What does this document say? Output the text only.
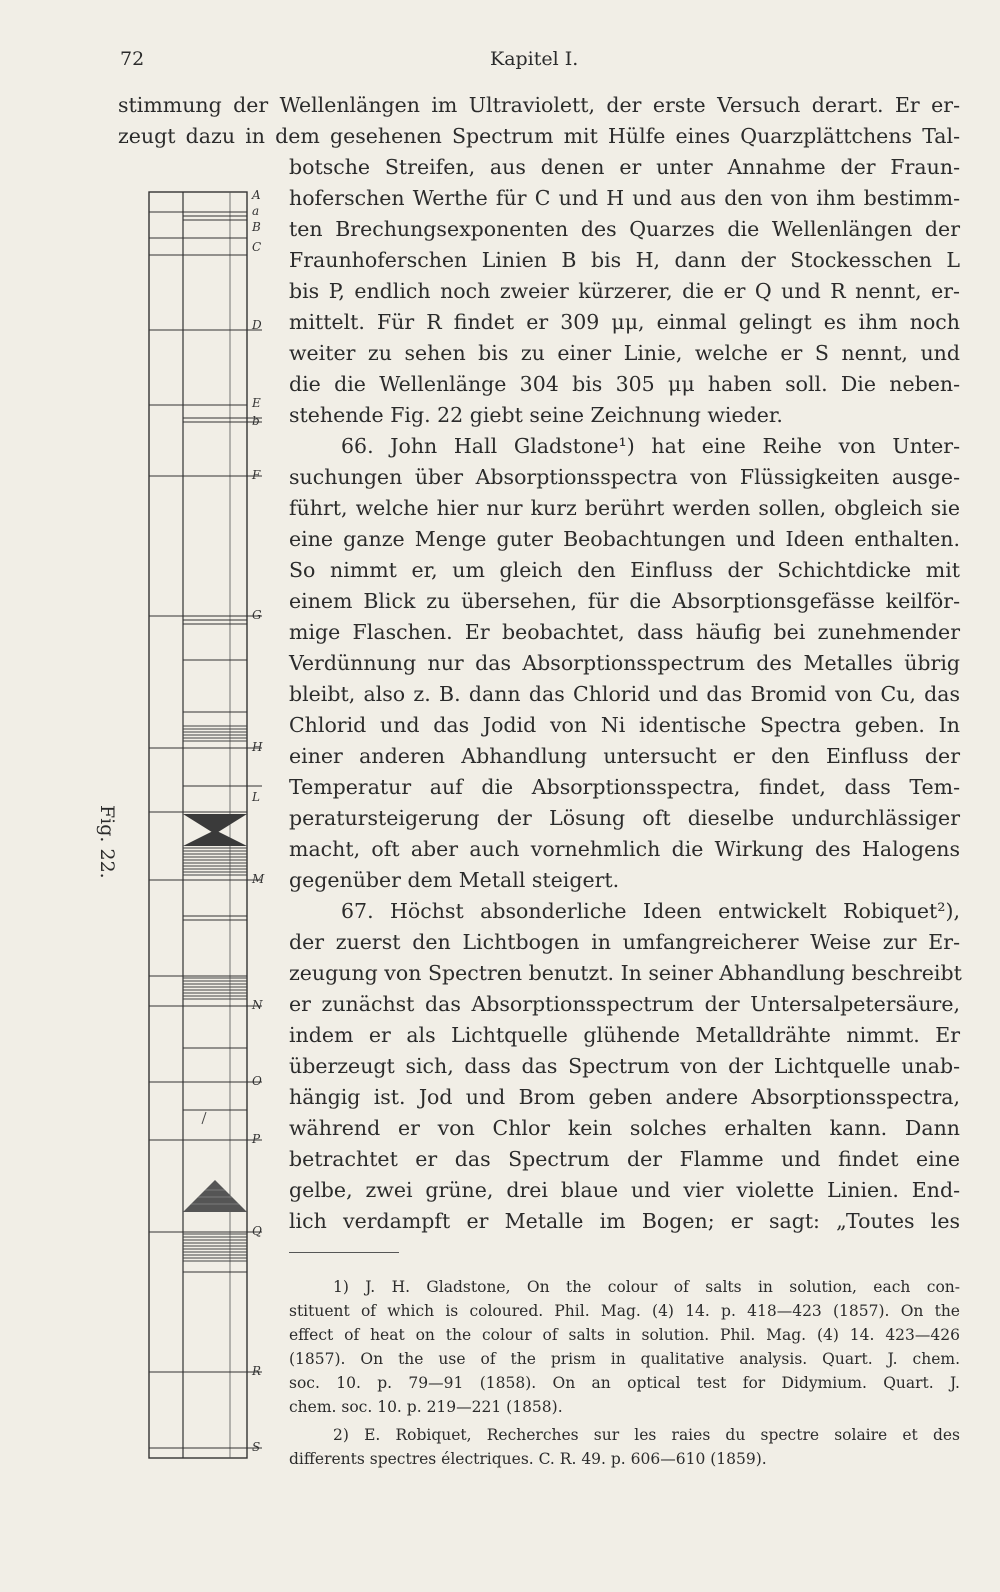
72	Kapitel I.
A
a
B
C
D
E
b
F
G
H
L
M
N
O
P
Q
R
S
Fig. 22.
stimmung der Wellenlängen im Ultraviolett, der erste Versuch derart. Er er-
zeugt dazu in dem gesehenen Spectrum mit Hülfe eines Quarzplättchens Tal-
botsche Streifen, aus denen er unter Annahme der Fraun-
hoferschen Werthe für C und H und aus den von ihm bestimm-
ten Brechungsexponenten des Quarzes die Wellenlängen der
Fraunhoferschen Linien B bis H, dann der Stockesschen L
bis P, endlich noch zweier kürzerer, die er Q und R nennt, er-
mittelt. Für R findet er 309 μμ, einmal gelingt es ihm noch
weiter zu sehen bis zu einer Linie, welche er S nennt, und
die die Wellenlänge 304 bis 305 μμ haben soll. Die neben-
stehende Fig. 22 giebt seine Zeichnung wieder.
66. John Hall Gladstone¹) hat eine Reihe von Unter-
suchungen über Absorptionsspectra von Flüssigkeiten ausge-
führt, welche hier nur kurz berührt werden sollen, obgleich sie
eine ganze Menge guter Beobachtungen und Ideen enthalten.
So nimmt er, um gleich den Einfluss der Schichtdicke mit
einem Blick zu übersehen, für die Absorptionsgefässe keilför-
mige Flaschen. Er beobachtet, dass häufig bei zunehmender
Verdünnung nur das Absorptionsspectrum des Metalles übrig
bleibt, also z. B. dann das Chlorid und das Bromid von Cu, das
Chlorid und das Jodid von Ni identische Spectra geben. In
einer anderen Abhandlung untersucht er den Einfluss der
Temperatur auf die Absorptionsspectra, findet, dass Tem-
peratursteigerung der Lösung oft dieselbe undurchlässiger
macht, oft aber auch vornehmlich die Wirkung des Halogens
gegenüber dem Metall steigert.
67. Höchst absonderliche Ideen entwickelt Robiquet²),
der zuerst den Lichtbogen in umfangreicherer Weise zur Er-
zeugung von Spectren benutzt. In seiner Abhandlung beschreibt
er zunächst das Absorptionsspectrum der Untersalpetersäure,
indem er als Lichtquelle glühende Metalldrähte nimmt. Er
überzeugt sich, dass das Spectrum von der Lichtquelle unab-
hängig ist. Jod und Brom geben andere Absorptionsspectra,
während er von Chlor kein solches erhalten kann. Dann
betrachtet er das Spectrum der Flamme und findet eine
gelbe, zwei grüne, drei blaue und vier violette Linien. End-
lich verdampft er Metalle im Bogen; er sagt: „Toutes les
1) J. H. Gladstone, On the colour of salts in solution, each con-
stituent of which is coloured. Phil. Mag. (4) 14. p. 418—423 (1857). On the
effect of heat on the colour of salts in solution. Phil. Mag. (4) 14. 423—426
(1857). On the use of the prism in qualitative analysis. Quart. J. chem.
soc. 10. p. 79—91 (1858). On an optical test for Didymium. Quart. J.
chem. soc. 10. p. 219—221 (1858).
2) E. Robiquet, Recherches sur les raies du spectre solaire et des
differents spectres électriques. C. R. 49. p. 606—610 (1859).
